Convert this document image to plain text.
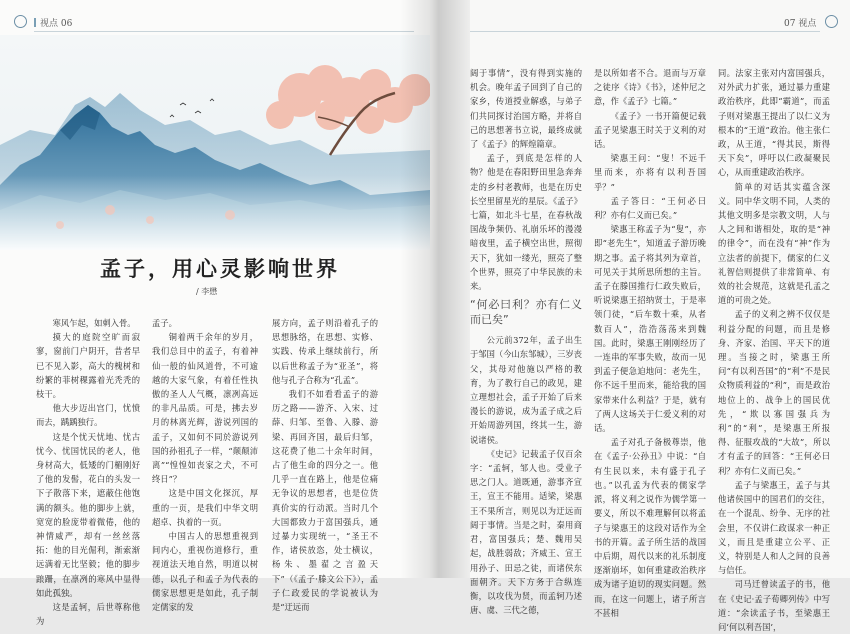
视点 06
孟子，用心灵影响世界
/ 李懋

寒风乍起，如刺入骨。

摸大的庭院空旷而寂寥，窗前门户阴开，昔者早已不见入影，高大的槐树和纷繁的菲树稞露着光秃秃的枝干。

他大步迈出宫门，忧愤而去，踽踽独行。

这是个忧天忧地、忧古忧今、忧国忧民的老人，他身材高大，低矮的门楣刚好了他的发髻，花白的头发一下子散落下来，遮蔽住他饱满的额头。他的脚步上就，宽宽的脸庞带着微倦，他的神情威严，却有一丝丝落拓：他的目光倔利，渐索渐远满着无比坚毅；他的脚步踉跚，在凛冽的寒风中显得如此孤独。

这是孟轲，后世尊称他为

孟子。

铜着两千余年的岁月，我们总目中的孟子，有着神仙一般的仙风道骨，不可逾越的大家气象，有着任性执傲的圣人人气概，凛冽高远的非凡品质。可是，拂去岁月的林离光辉，游说列国的孟子，又如何不同於游说列国的孙祖孔子一样，“颠颠沛离”“惶惶如丧家之犬，不可终日”？

这是中国文化探沉，厚重的一页，是我们中华文明超卓、执着的一页。

中国古人的思想重视到间内心，重视伤道修行，重视道法天地自然，明道以树德，以孔子和孟子为代表的儒家思想更是如此，孔子制定儒家的发

展方向，孟子则沿着孔子的思想脉络，在思想、实修、实践、传承上继续前行，所以后世称孟子为“亚圣”，将他与孔子合称为“孔孟”。

我们不如看看孟子的游历之路——游齐、入宋、过薛、归邹、至鲁、入滕、游梁、再回齐国，最后归邹，这花费了他二十余年时间，占了他生命的四分之一。他几乎一直在路上，他是位痛无争议的思想者，也是位货真价实的行动派。当时几个大国都致力于富国强兵，通过暴力实现统一，“圣王不作，诸侯放恣，处士横议，杨朱、墨翟之言盈天下”（《孟子·滕文公下》），孟子仁政爱民的学说被认为是“迂远而

07 视点

阔于事情”，没有得到实施的机会。晚年孟子回到了自己的家乡，传道授业解惑，与弟子们共同探讨治国方略，并将自己的思想著书立说，最终成就了《孟子》的辉煌篇章。

孟子，到底是怎样的人物？他是在春阳野田里急奔奔走的乡村老教师，也是在历史长空里留星光的星辰。《孟子》七篇，如北斗七星，在春秋战国战争频仍、礼崩乐坏的漫漫暗夜里，孟子横空出世，照彻天下，犹如一缕光，照亮了整个世界，照亮了中华民族的未来。

“何必曰利？亦有仁义而已矣”

公元前372年，孟子出生于邹国（今山东邹城），三岁丧父，其母对他施以严格的教育，为了教行自己的政见，建立理想社会，孟子开始了后来漫长的游说，成为孟子成之后开始周游列国，终其一生，游说诸侯。

《史记》记载孟子仅百余字：“孟轲，邹人也。受业子思之门人。道既通，游事齐宣王，宣王不能用。适梁，梁惠王不果所言，则见以为迂远而阔于事情。当是之时，秦用商君，富国强兵；楚、魏用吴起，战胜弱敌；齐威王、宣王用孙子、田忌之徒，而诸侯东面朝齐。天下方务于合纵连衡，以攻伐为贤，而孟轲乃述唐、虞、三代之德，

是以所如者不合。退而与万章之徒序《诗》《书》，述仲尼之意，作《孟子》七篇。”

《孟子》一书开篇便记载孟子见梁惠王时关于义利的对话。

梁惠王问：“叟！不远千里而来，亦将有以利吾国乎？”

孟子答曰：“王何必曰利？亦有仁义而已矣。”

梁惠王称孟子为“叟”，亦即“老先生”，知道孟子游历晚期之事。孟子将其列为章首，可见关于其所思所想的主旨。孟子在滕国推行仁政失败后，听说梁惠王招纳贤士，于是率领门徒，“后车数十乘，从者数百人”，浩浩荡荡来到魏国。此时，梁惠王刚刚经历了一连串的军事失败，故而一见到孟子便急迫地问：老先生，你不远千里而来，能给我的国家带来什么利益？于是，就有了两人这场关于仁爱义利的对话。

孟子对孔子备极尊崇，他在《孟子·公孙丑》中说：“自有生民以来，未有盛于孔子也。”以孔孟为代表的儒家学派，将义利之说作为儒学第一要义，所以不难理解何以将孟子与梁惠王的这段对话作为全书的开篇。孟子所生活的战国中后期，周代以来的礼乐制度逐渐崩坏，如何重建政治秩序成为诸子迫切的现实问题。然而，在这一问题上，诸子所言不甚相

同。法家主张对内富国强兵，对外武力扩张，通过暴力重建政治秩序，此即“霸道”，而孟子则对梁惠王提出了以仁义为根本的“王道”政治。他主张仁政，从王道，“得其民，斯得天下矣”，呼吁以仁政凝聚民心，从而重建政治秩序。

简单的对话其实蕴含深义。同中华文明不同，人类的其他文明多是宗教文明，人与人之间和谐相处，取的是“神的律令”，而在没有“神”作为立法者的前提下，儒家的仁义礼智信则提供了非常简单、有效的社会规范，这就是孔孟之道的可贵之处。

孟子的义利之辨不仅仅是利益分配的问题，而且是修身、齐家、治国、平天下的道理。当接之时，梁惠王所问“有以利吾国”的“利”不是民众物质利益的“利”，而是政治地位上的、战争上的国民优先，“欺以寡国强兵为利”的“利”，是梁惠王所报得、征服攻战的“大故”，所以才有孟子的回答：“王何必曰利？亦有仁义而已矣。”

孟子与梁惠王，孟子与其他诸侯国中的国君们的交往，在一个混乱、纷争、无序的社会里，不仅讲仁政谋求一种正义，而且是重建立公平、正义，特别是人和人之间的良善与信任。

司马迁曾读孟子的书，他在《史记·孟子荀卿列传》中写道：“余读孟子书，至梁惠王问‘何以利吾国’，
